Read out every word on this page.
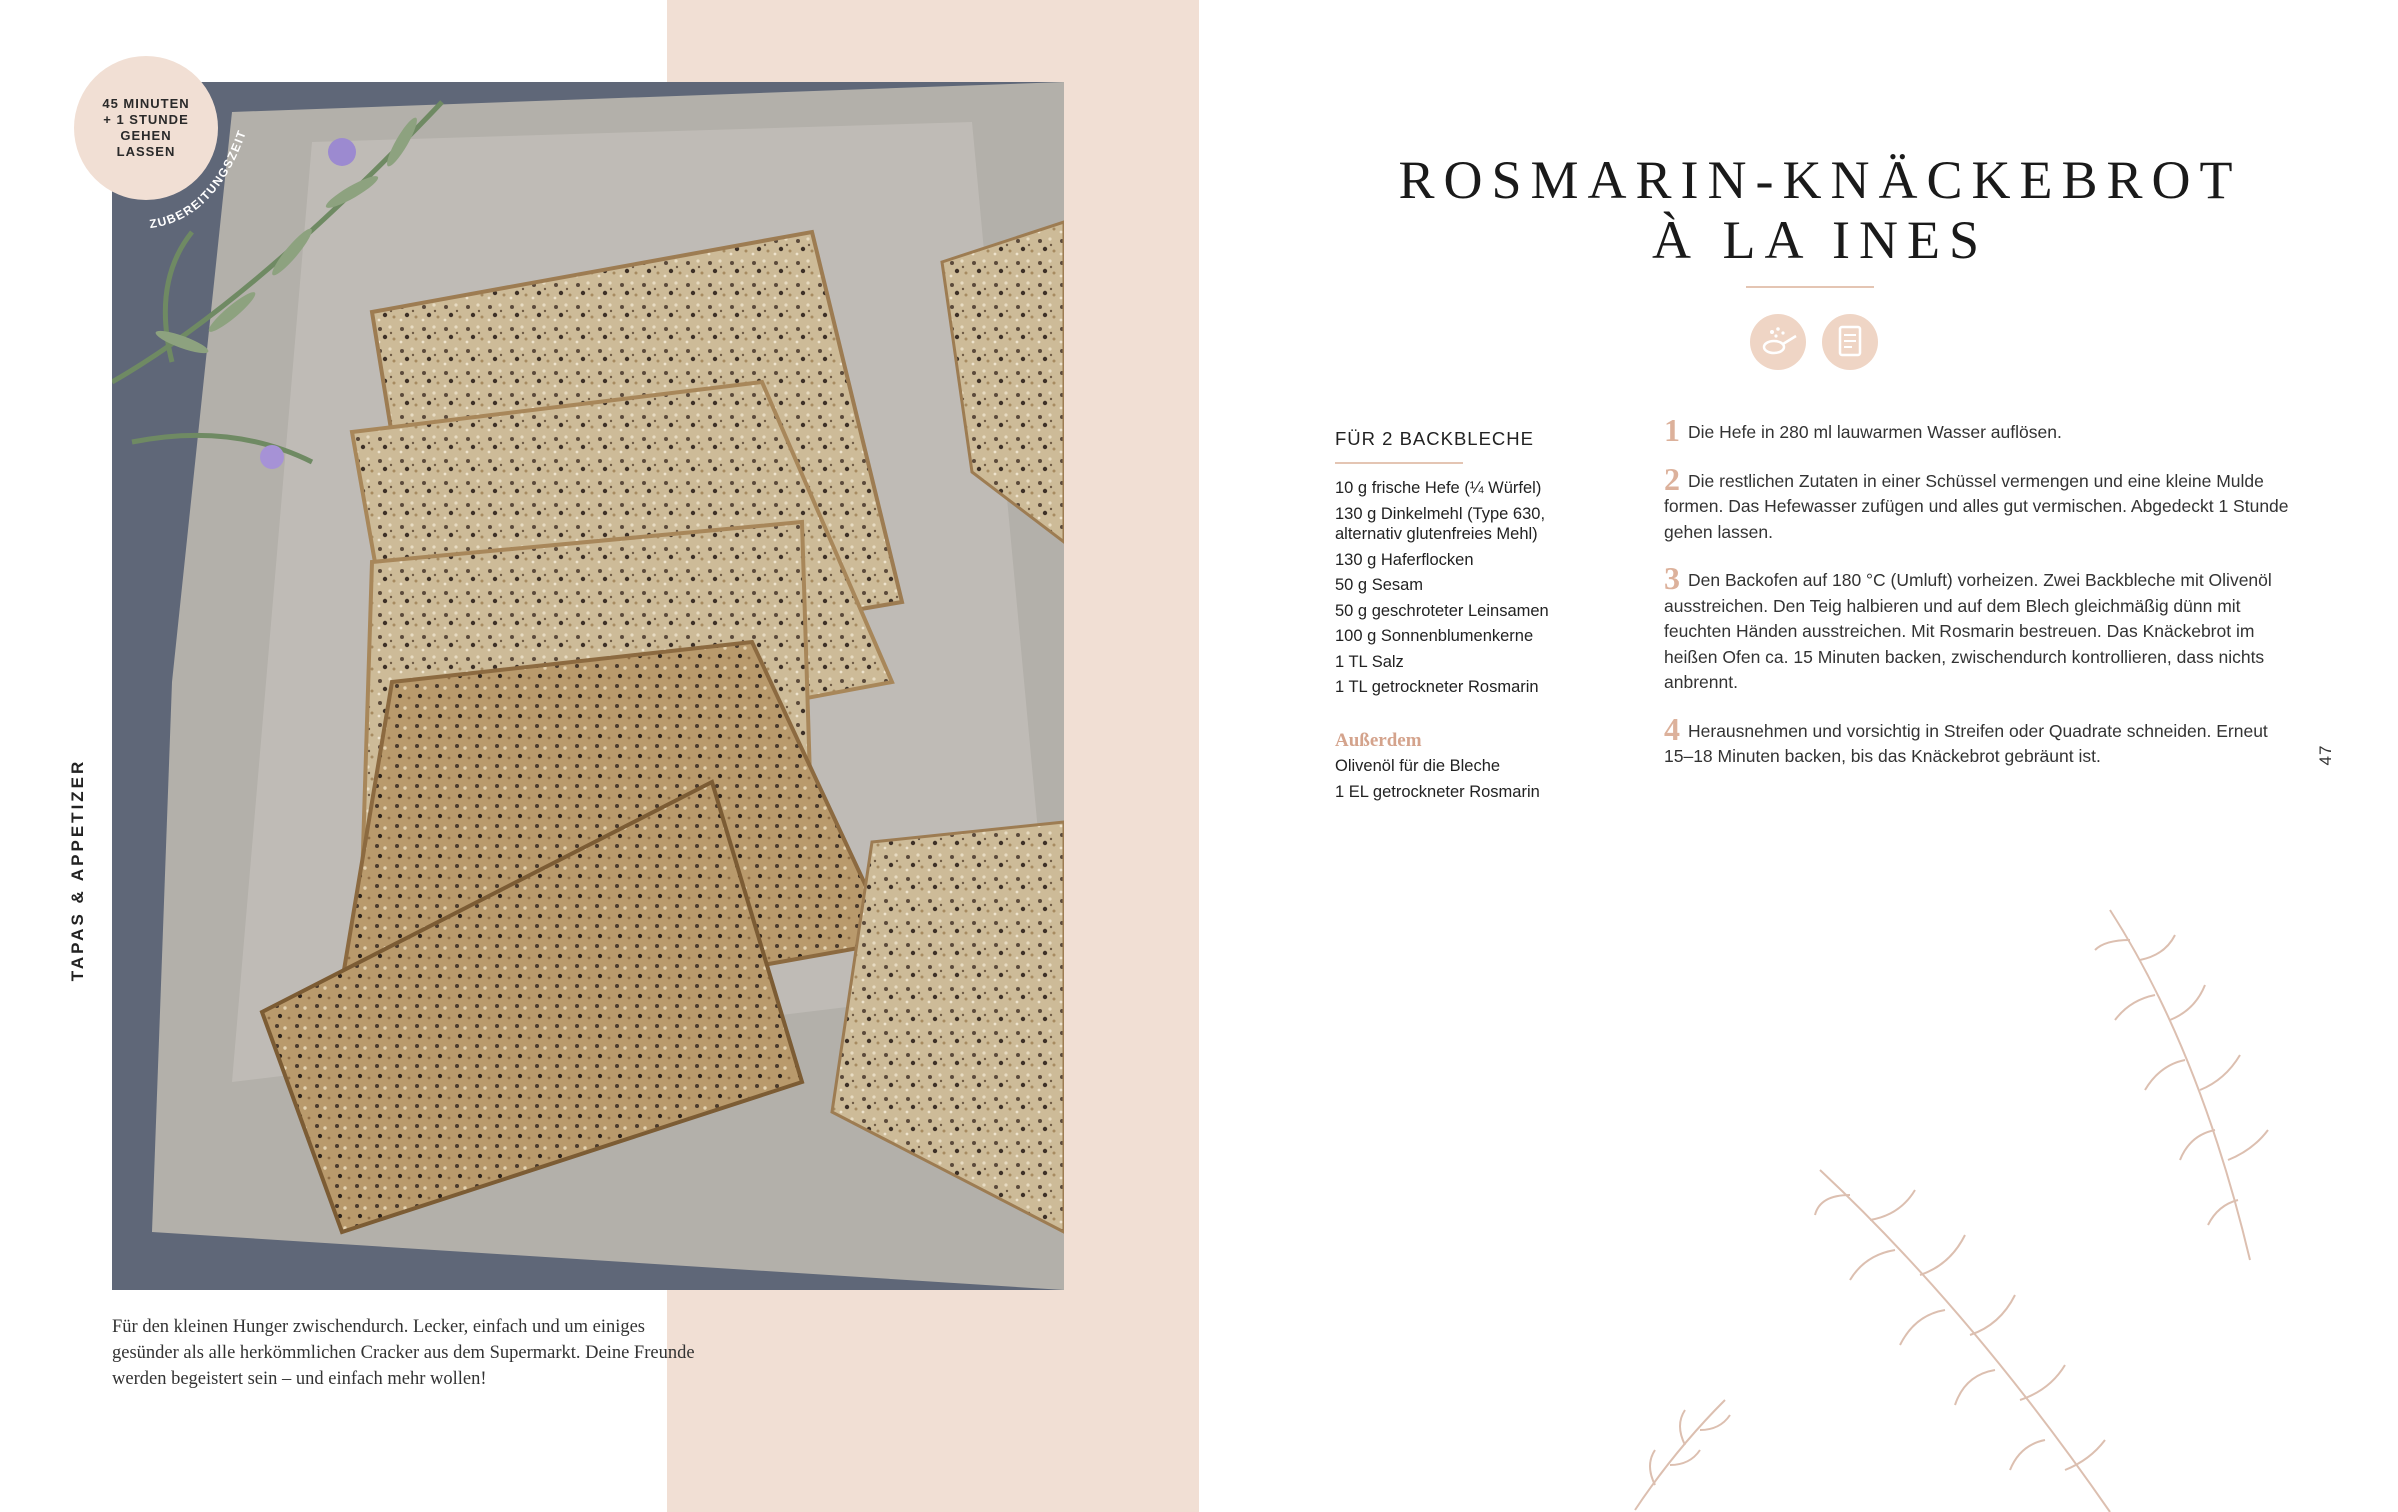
45 MINUTEN
+ 1 STUNDE
GEHEN
LASSEN
ZUBEREITUNGSZEIT
TAPAS & APPETIZER
Für den kleinen Hunger zwischendurch. Lecker, einfach und um einiges gesünder als alle herkömmlichen Cracker aus dem Supermarkt. Deine Freunde werden begeistert sein – und einfach mehr wollen!
ROSMARIN-KNÄCKEBROT
À LA INES
FÜR 2 BACKBLECHE
10 g frische Hefe (¼ Würfel)
130 g Dinkelmehl (Type 630, alternativ glutenfreies Mehl)
130 g Haferflocken
50 g Sesam
50 g geschroteter Leinsamen
100 g Sonnenblumenkerne
1 TL Salz
1 TL getrockneter Rosmarin
Außerdem
Olivenöl für die Bleche
1 EL getrockneter Rosmarin
1 Die Hefe in 280 ml lauwarmen Wasser auflösen.
2 Die restlichen Zutaten in einer Schüssel vermengen und eine kleine Mulde formen. Das Hefewasser zufügen und alles gut vermischen. Abgedeckt 1 Stunde gehen lassen.
3 Den Backofen auf 180 °C (Umluft) vorheizen. Zwei Backbleche mit Olivenöl ausstreichen. Den Teig halbieren und auf dem Blech gleichmäßig dünn mit feuchten Händen ausstreichen. Mit Rosmarin bestreuen. Das Knäckebrot im heißen Ofen ca. 15 Minuten backen, zwischendurch kontrollieren, dass nichts anbrennt.
4 Herausnehmen und vorsichtig in Streifen oder Quadrate schneiden. Erneut 15–18 Minuten backen, bis das Knäckebrot gebräunt ist.	47
